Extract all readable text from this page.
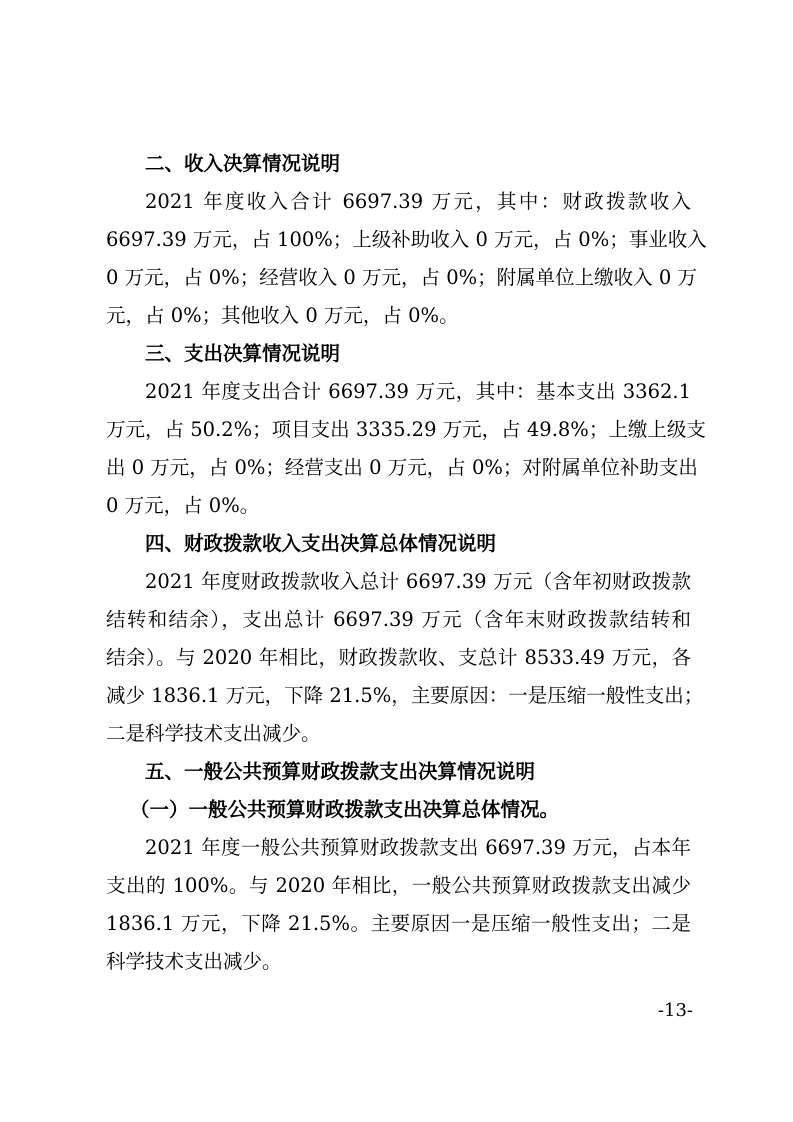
二、收入决算情况说明
2021 年度收入合计 6697.39 万元，其中：财政拨款收入
6697.39 万元，占 100%；上级补助收入 0 万元，占 0%；事业收入
0 万元，占 0%；经营收入 0 万元，占 0%；附属单位上缴收入 0 万
元，占 0%；其他收入 0 万元，占 0%。
三、支出决算情况说明
2021 年度支出合计 6697.39 万元，其中：基本支出 3362.1
万元，占 50.2%；项目支出 3335.29 万元，占 49.8%；上缴上级支
出 0 万元，占 0%；经营支出 0 万元，占 0%；对附属单位补助支出
0 万元，占 0%。
四、财政拨款收入支出决算总体情况说明
2021 年度财政拨款收入总计 6697.39 万元（含年初财政拨款
结转和结余），支出总计 6697.39 万元（含年末财政拨款结转和
结余）。与 2020 年相比，财政拨款收、支总计 8533.49 万元，各
减少 1836.1 万元，下降 21.5%，主要原因：一是压缩一般性支出；
二是科学技术支出减少。
五、一般公共预算财政拨款支出决算情况说明
（一）一般公共预算财政拨款支出决算总体情况。
2021 年度一般公共预算财政拨款支出 6697.39 万元，占本年
支出的 100%。与 2020 年相比，一般公共预算财政拨款支出减少
1836.1 万元，下降 21.5%。主要原因一是压缩一般性支出；二是
科学技术支出减少。
-13-
